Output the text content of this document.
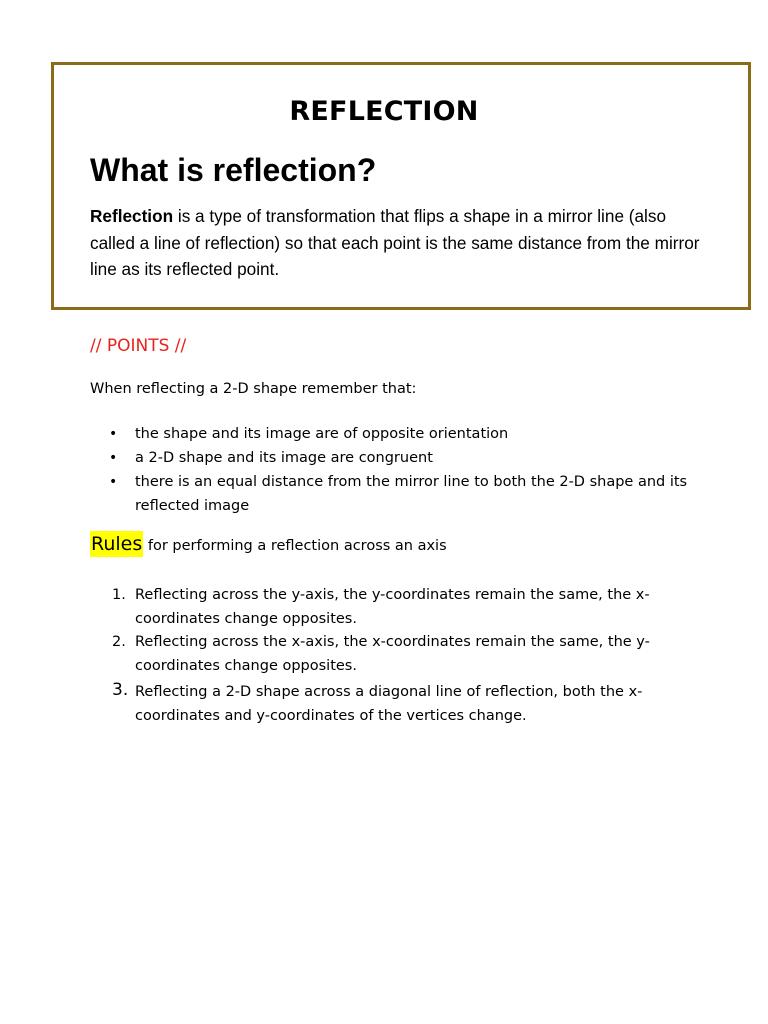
REFLECTION
What is reflection?
Reflection is a type of transformation that flips a shape in a mirror line (also called a line of reflection) so that each point is the same distance from the mirror line as its reflected point.
// POINTS //
When reflecting a 2-D shape remember that:
• the shape and its image are of opposite orientation
• a 2-D shape and its image are congruent
• there is an equal distance from the mirror line to both the 2-D shape and its reflected image
Rules for performing a reflection across an axis
1. Reflecting across the y-axis, the y-coordinates remain the same, the x-coordinates change opposites.
2. Reflecting across the x-axis, the x-coordinates remain the same, the y-coordinates change opposites.
3. Reflecting a 2-D shape across a diagonal line of reflection, both the x-coordinates and y-coordinates of the vertices change.
